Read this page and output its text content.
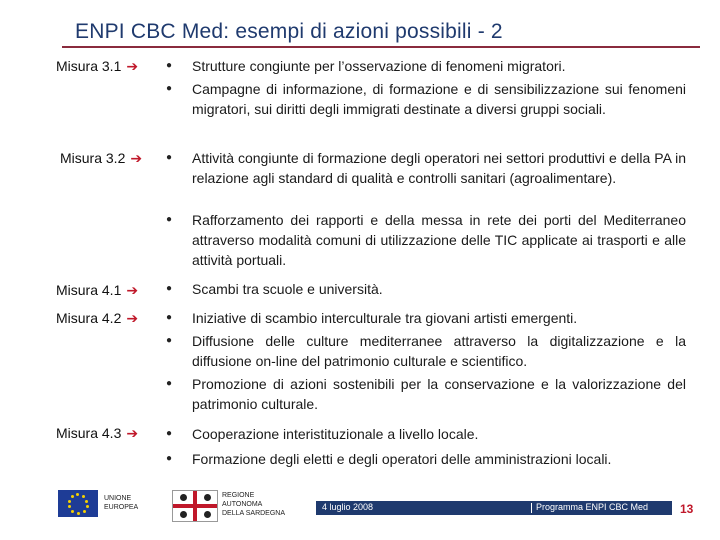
ENPI CBC Med: esempi di azioni possibili - 2
Misura 3.1 ➔	● Strutture congiunte per l’osservazione di fenomeni migratori.
● Campagne di informazione, di formazione e di sensibilizzazione sui fenomeni migratori, sui diritti degli immigrati destinate a diversi gruppi sociali.
Misura 3.2 ➔ ● Attività congiunte di formazione degli operatori nei settori produttivi e della PA in relazione agli standard di qualità e controlli sanitari (agroalimentare).
● Rafforzamento dei rapporti e della messa in rete dei porti del Mediterraneo attraverso modalità comuni di utilizzazione delle TIC applicate ai trasporti e alle attività portuali.
Misura 4.1 ➔	● Scambi tra scuole e università.
Misura 4.2 ➔	● Iniziative di scambio interculturale tra giovani artisti emergenti.
● Diffusione delle culture mediterranee attraverso la digitalizzazione e la diffusione on-line del patrimonio culturale e scientifico.
● Promozione di azioni sostenibili per la conservazione e la valorizzazione del patrimonio culturale.
Misura 4.3 ➔	● Cooperazione interistituzionale a livello locale.
● Formazione degli eletti e degli operatori delle amministrazioni locali.
UNIONE
EUROPEA
REGIONE
AUTONOMA
DELLA SARDEGNA
4 luglio 2008	Programma ENPI CBC Med	13
